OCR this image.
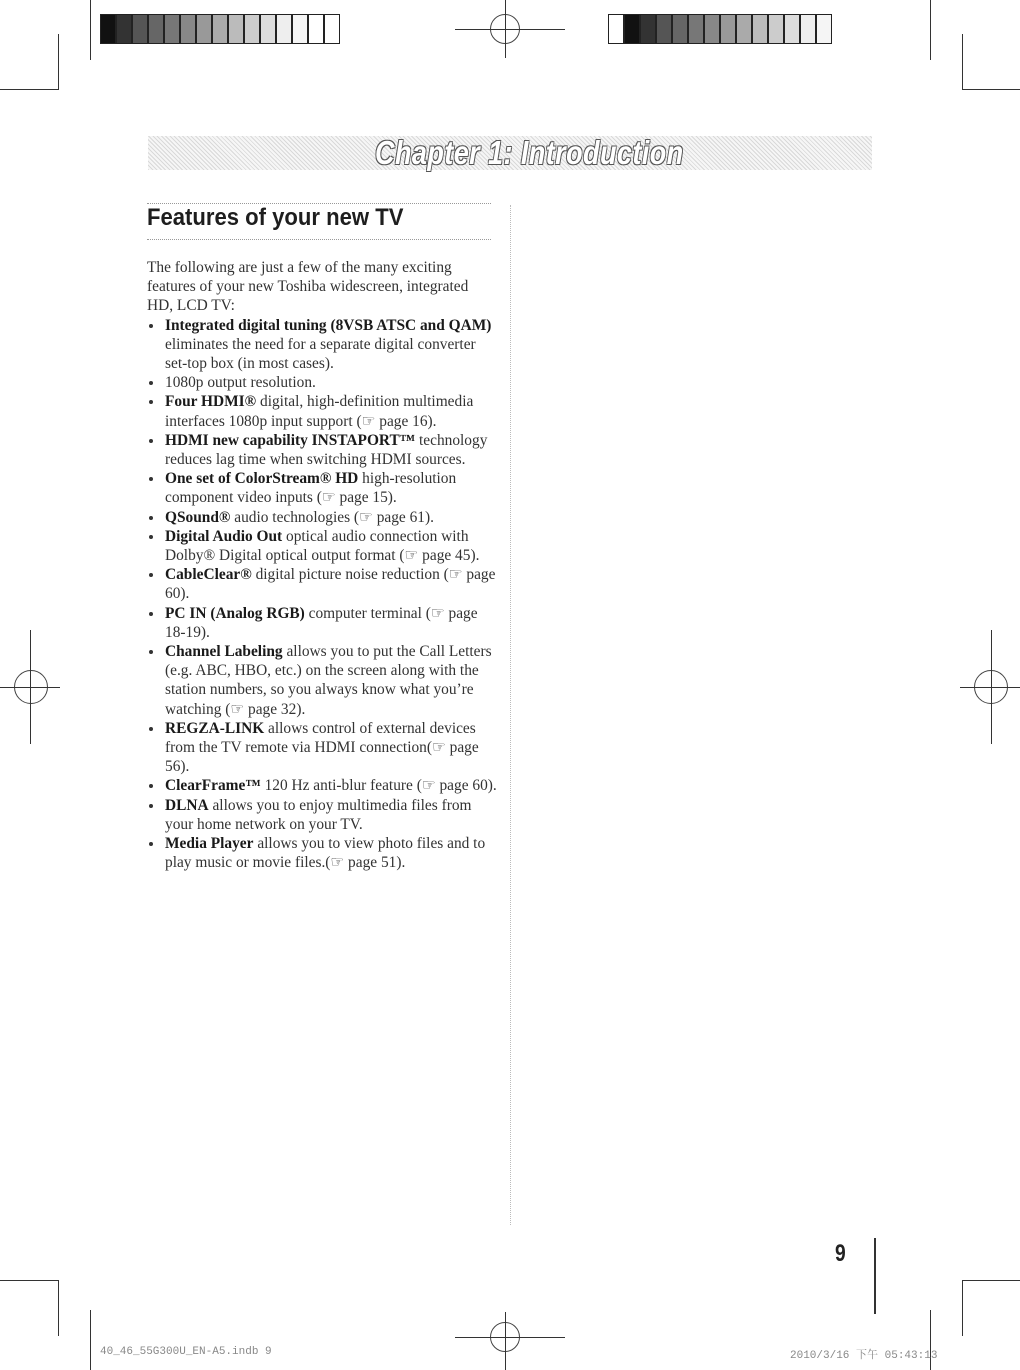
Chapter 1: Introduction
Features of your new TV

The following are just a few of the many exciting features of your new Toshiba widescreen, integrated HD, LCD TV:

Integrated digital tuning (8VSB ATSC and QAM) eliminates the need for a separate digital converter set-top box (in most cases).
1080p output resolution.
Four HDMI® digital, high-definition multimedia interfaces 1080p input support (☞ page 16).
HDMI new capability INSTAPORT™ technology reduces lag time when switching HDMI sources.
One set of ColorStream® HD high-resolution component video inputs (☞ page 15).
QSound® audio technologies (☞ page 61).
Digital Audio Out optical audio connection with Dolby® Digital optical output format (☞ page 45).
CableClear® digital picture noise reduction (☞ page 60).
PC IN (Analog RGB) computer terminal (☞ page 18-19).
Channel Labeling allows you to put the Call Letters (e.g. ABC, HBO, etc.) on the screen along with the station numbers, so you always know what you’re watching (☞ page 32).
REGZA-LINK allows control of external devices from the TV remote via HDMI connection(☞ page 56).
ClearFrame™ 120 Hz anti-blur feature (☞ page 60).
DLNA allows you to enjoy multimedia files from your home network on your TV.
Media Player allows you to view photo files and to play music or movie files.(☞ page 51).
9
40_46_55G300U_EN-A5.indb 9	2010/3/16 下午 05:43:13
